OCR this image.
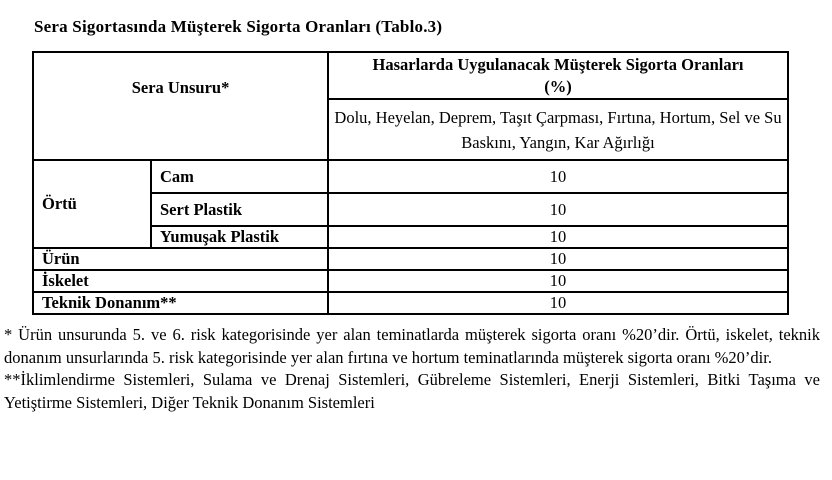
Sera Sigortasında Müşterek Sigorta Oranları (Tablo.3)
Sera Unsuru*		Hasarlarda Uygulanacak Müşterek Sigorta Oranları (%)
		Dolu, Heyelan, Deprem, Taşıt Çarpması, Fırtına, Hortum, Sel ve Su Baskını, Yangın, Kar Ağırlığı
Örtü	Cam	10
	Sert Plastik	10
	Yumuşak Plastik	10
Ürün		10
İskelet		10
Teknik Donanım**		10

* Ürün unsurunda 5. ve 6. risk kategorisinde yer alan teminatlarda müşterek sigorta oranı %20’dir. Örtü, iskelet, teknik donanım unsurlarında 5. risk kategorisinde yer alan fırtına ve hortum teminatlarında müşterek sigorta oranı %20’dir.

**İklimlendirme Sistemleri, Sulama ve Drenaj Sistemleri, Gübreleme Sistemleri, Enerji Sistemleri, Bitki Taşıma ve Yetiştirme Sistemleri, Diğer Teknik Donanım Sistemleri
